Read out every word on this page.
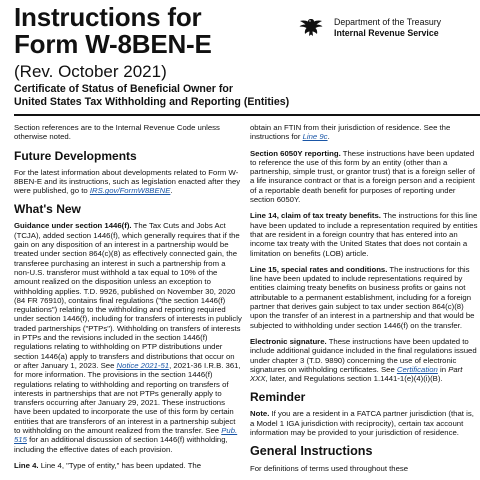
Instructions for
Form W-8BEN-E
(Rev. October 2021)
Certificate of Status of Beneficial Owner for
United States Tax Withholding and Reporting (Entities)
Department of the Treasury
Internal Revenue Service

Section references are to the Internal Revenue Code unless otherwise noted.

Future Developments

For the latest information about developments related to Form W-8BEN-E and its instructions, such as legislation enacted after they were published, go to IRS.gov/FormW8BENE.

What's New

Guidance under section 1446(f). The Tax Cuts and Jobs Act (TCJA), added section 1446(f), which generally requires that if the gain on any disposition of an interest in a partnership would be treated under section 864(c)(8) as effectively connected gain, the transferee purchasing an interest in such a partnership from a non-U.S. transferor must withhold a tax equal to 10% of the amount realized on the disposition unless an exception to withholding applies. T.D. 9926, published on November 30, 2020 (84 FR 76910), contains final regulations ("the section 1446(f) regulations") relating to the withholding and reporting required under section 1446(f), including for transfers of interests in publicly traded partnerships ("PTPs"). Withholding on transfers of interests in PTPs and the revisions included in the section 1446(f) regulations relating to withholding on PTP distributions under section 1446(a) apply to transfers and distributions that occur on or after January 1, 2023. See Notice 2021-51, 2021-36 I.R.B. 361, for more information. The provisions in the section 1446(f) regulations relating to withholding and reporting on transfers of interests in partnerships that are not PTPs generally apply to transfers occurring after January 29, 2021. These instructions have been updated to incorporate the use of this form by certain entities that are transferors of an interest in a partnership subject to withholding on the amount realized from the transfer. See Pub. 515 for an additional discussion of section 1446(f) withholding, including the effective dates of each provision.

Line 4. Line 4, "Type of entity," has been updated. The

obtain an FTIN from their jurisdiction of residence. See the instructions for Line 9c.

Section 6050Y reporting. These instructions have been updated to reference the use of this form by an entity (other than a partnership, simple trust, or grantor trust) that is a foreign seller of a life insurance contract or that is a foreign person and a recipient of a reportable death benefit for purposes of reporting under section 6050Y.

Line 14, claim of tax treaty benefits. The instructions for this line have been updated to include a representation required by entities that are resident in a foreign country that has entered into an income tax treaty with the United States that does not contain a limitation on benefits (LOB) article.

Line 15, special rates and conditions. The instructions for this line have been updated to include representations required by entities claiming treaty benefits on business profits or gains not attributable to a permanent establishment, including for a foreign partner that derives gain subject to tax under section 864(c)(8) upon the transfer of an interest in a partnership and that would be subjected to withholding under section 1446(f) on the transfer.

Electronic signature. These instructions have been updated to include additional guidance included in the final regulations issued under chapter 3 (T.D. 9890) concerning the use of electronic signatures on withholding certificates. See Certification in Part XXX, later, and Regulations section 1.1441-1(e)(4)(i)(B).

Reminder

Note. If you are a resident in a FATCA partner jurisdiction (that is, a Model 1 IGA jurisdiction with reciprocity), certain tax account information may be provided to your jurisdiction of residence.

General Instructions

For definitions of terms used throughout these
